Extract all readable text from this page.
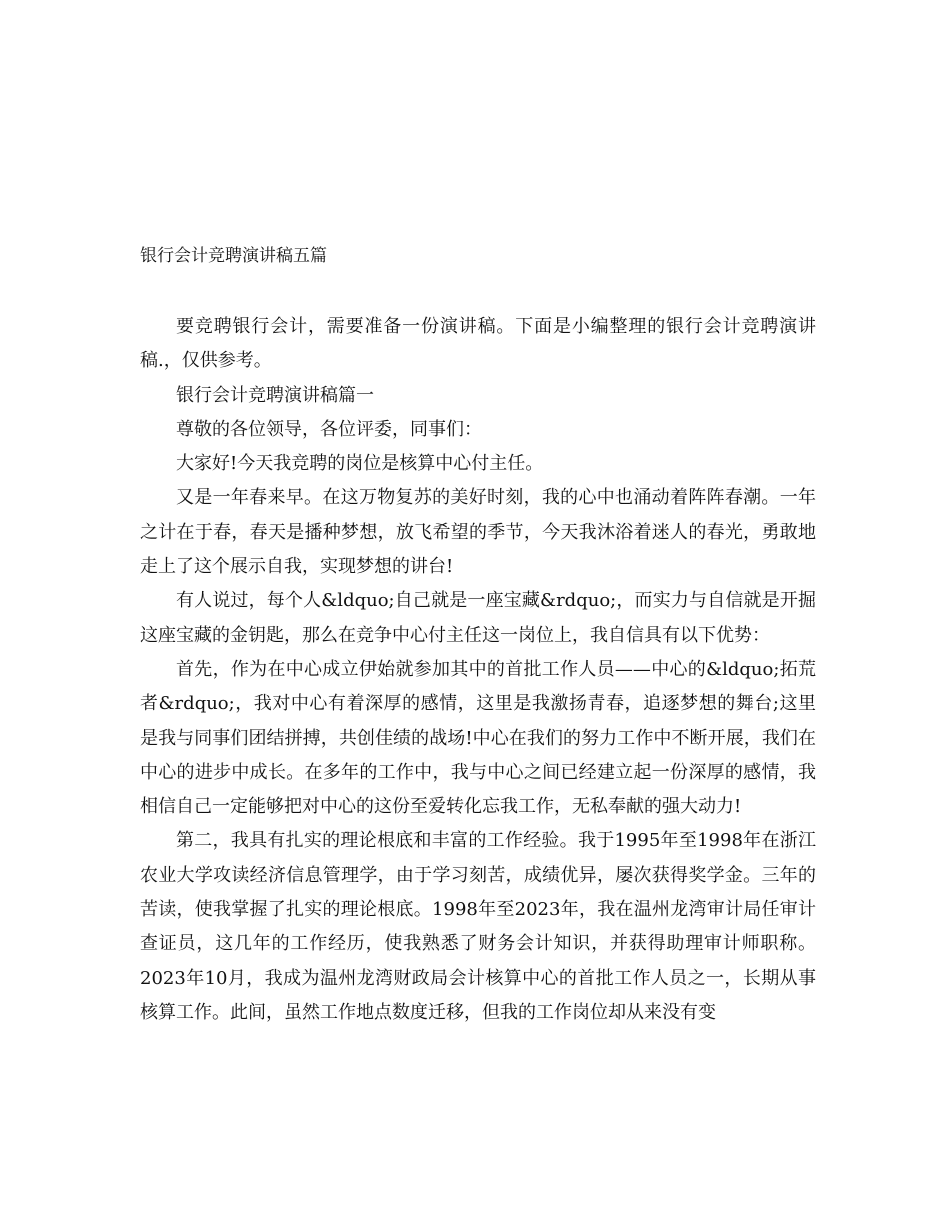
银行会计竞聘演讲稿五篇

要竞聘银行会计，需要准备一份演讲稿。下面是小编整理的银行会计竞聘演讲稿.，仅供参考。

银行会计竞聘演讲稿篇一

尊敬的各位领导，各位评委，同事们：

大家好!今天我竞聘的岗位是核算中心付主任。

又是一年春来早。在这万物复苏的美好时刻，我的心中也涌动着阵阵春潮。一年之计在于春，春天是播种梦想，放飞希望的季节，今天我沐浴着迷人的春光，勇敢地走上了这个展示自我，实现梦想的讲台!

有人说过，每个人&ldquo;自己就是一座宝藏&rdquo;，而实力与自信就是开掘这座宝藏的金钥匙，那么在竞争中心付主任这一岗位上，我自信具有以下优势：

首先，作为在中心成立伊始就参加其中的首批工作人员——中心的&ldquo;拓荒者&rdquo;，我对中心有着深厚的感情，这里是我激扬青春，追逐梦想的舞台;这里是我与同事们团结拼搏，共创佳绩的战场!中心在我们的努力工作中不断开展，我们在中心的进步中成长。在多年的工作中，我与中心之间已经建立起一份深厚的感情，我相信自己一定能够把对中心的这份至爱转化忘我工作，无私奉献的强大动力!

第二，我具有扎实的理论根底和丰富的工作经验。我于1995年至1998年在浙江农业大学攻读经济信息管理学，由于学习刻苦，成绩优异，屡次获得奖学金。三年的苦读，使我掌握了扎实的理论根底。1998年至2023年，我在温州龙湾审计局任审计查证员，这几年的工作经历，使我熟悉了财务会计知识，并获得助理审计师职称。2023年10月，我成为温州龙湾财政局会计核算中心的首批工作人员之一，长期从事核算工作。此间，虽然工作地点数度迁移，但我的工作岗位却从来没有变
